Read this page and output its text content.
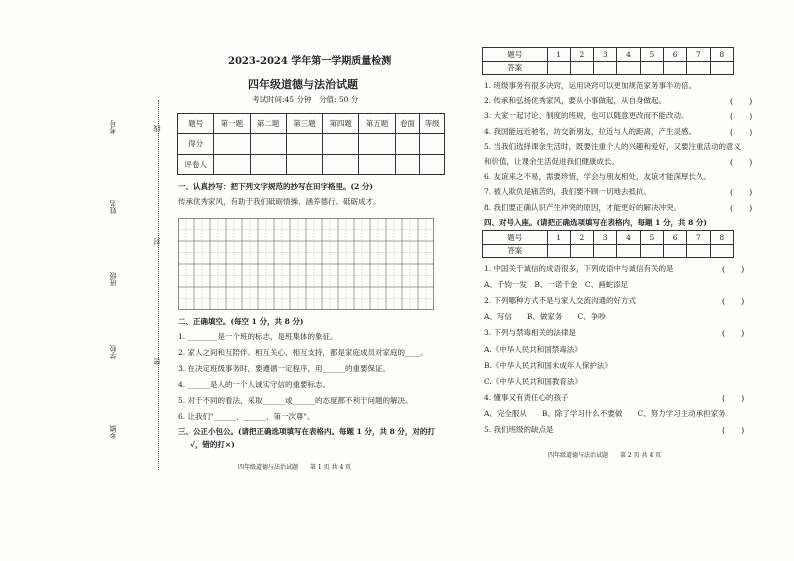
考号
姓名
班级
学校
乡镇
线
封
密
2023-2024 学年第一学期质量检测
四年级道德与法治试题
考试时间:45 分钟　分值: 50 分
题号	第一题	第二题	第三题	第四题	第五题	卷面	等级
得分							
评卷人							
一、认真抄写：把下列文字规范的抄写在田字格里。(2 分)
传承优秀家风，有助于我们砥砺情操、涵养德行、砥砺成才。
二、正确填空。(每空 1 分，共 8 分)
1. ________是一个班的标志，是班集体的象征。
2. 家人之间和互陪伴、相互关心、相互支持，都是家庭成员对家庭的____。
3. 在决定班级事务时，要遵循一定程序，用______的重要保证。
4. ______是人的一个人诚实守信的重要标志。
5. 对于不同的看法，采取______或______的态度都不利于问题的解决。
6. 让我们"______、______、第一次尊"。
三、公正小包公。(请把正确选项填写在表格内。每题 1 分，共 8 分，对的打
√，错的打×)
四年级道德与法治试题　　第 1 页 共 4 页
题号	1	2	3	4	5	6	7	8
答案								
1. 班级事务有很多决窍，运用诀窍可以更加规范家务事半功倍。
2. 传承和弘扬优秀家风，要从小事做起，从自身做起。
3. 大家一起讨论、制度的班规，也可以随意更改而不能改动。
4. 我国能远近驰名，坊交新朋友，拉近与人的距离，产生灵感。
5. 当我们选择课余生活时，既要注重个人的兴趣和爱好，又要注重活动的意义
和价值，让课余生活促进我们健康成长。
6. 友谊来之不易，需要珍惜，学会与朋友相处，友谊才能深厚长久。
7. 被人欺负是痛苦的，我们要不顾一切地去抵抗。
8. 我们要正确认识产生冲突的原因，才能更好的解决冲突。
(　　)
(　　)
(　　)
(　　)
(　　)
(　　)
四、对号入座。(请把正确选项填写在表格内，每题 1 分，共 8 分)
题号	1	2	3	4	5	6	7	8
答案								
1. 中国关于诚信的成语很多，下列成语中与诚信有关的是
A、千钧一发　B、一诺千金　C、画蛇添足
2. 下列哪种方式不是与家人交流沟通的好方式
A、写信　　B、做家务　　C、争吵
3. 下列与禁毒相关的法律是
A.《中华人民共和国禁毒法》
B.《中华人民共和国未成年人保护法》
C.《中华人民共和国教育法》
4. 懂事又有责任心的孩子
A、完全服从　　B、除了学习什么不要做　　C、努力学习主动承担家务
5. 我们班级的缺点是
(　　)
(　　)
(　　)
(　　)
(　　)
四年级道德与法治试题　　第 2 页 共 4 页
